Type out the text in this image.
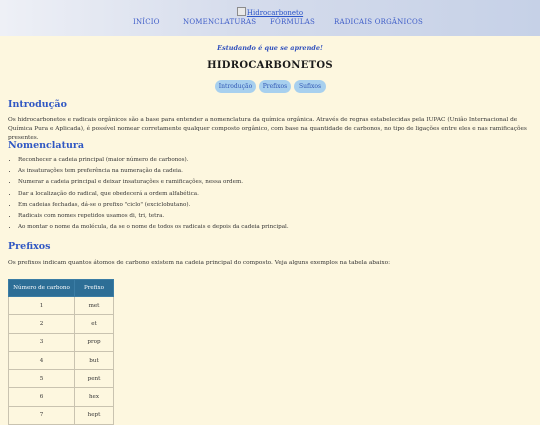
Hidrocarboneto
INÍCIO	NOMENCLATURAS FÓRMULAS	RADICAIS ORGÂNICOS
Estudando é que se aprende!
HIDROCARBONETOS
Introdução	Prefixos	Sufixos
Introdução

Os hidrocarbonetos e radicais orgânicos são a base para entender a nomenclatura da química orgânica. Através de regras estabelecidas pela IUPAC (União Internacional de Química Pura e Aplicada), é possível nomear corretamente qualquer composto orgânico, com base na quantidade de carbonos, no tipo de ligações entre eles e nas ramificações presentes.

Nomenclatura
• Reconhecer a cadeia principal (maior número de carbonos).
• As insaturações tem preferência na numeração da cadeia.
• Numerar a cadeia principal e deixar insaturações e ramificações, nessa ordem.
• Dar a localização do radical, que obedecerá a ordem alfabética.
• Em cadeias fechadas, dá-se o prefixo "ciclo" (exciclobutano).
• Radicais com nomes repetidos usamos di, tri, tetra.
• Ao montar o nome da molécula, da se o nome de todos os radicais e depois da cadeia principal.
Prefixos

Os prefixos indicam quantos átomos de carbono existem na cadeia principal do composto. Veja alguns exemplos na tabela abaixo:

Número de carbono	Prefixo
1	met
2	et
3	prop
4	but
5	pent
6	hex
7	hept
